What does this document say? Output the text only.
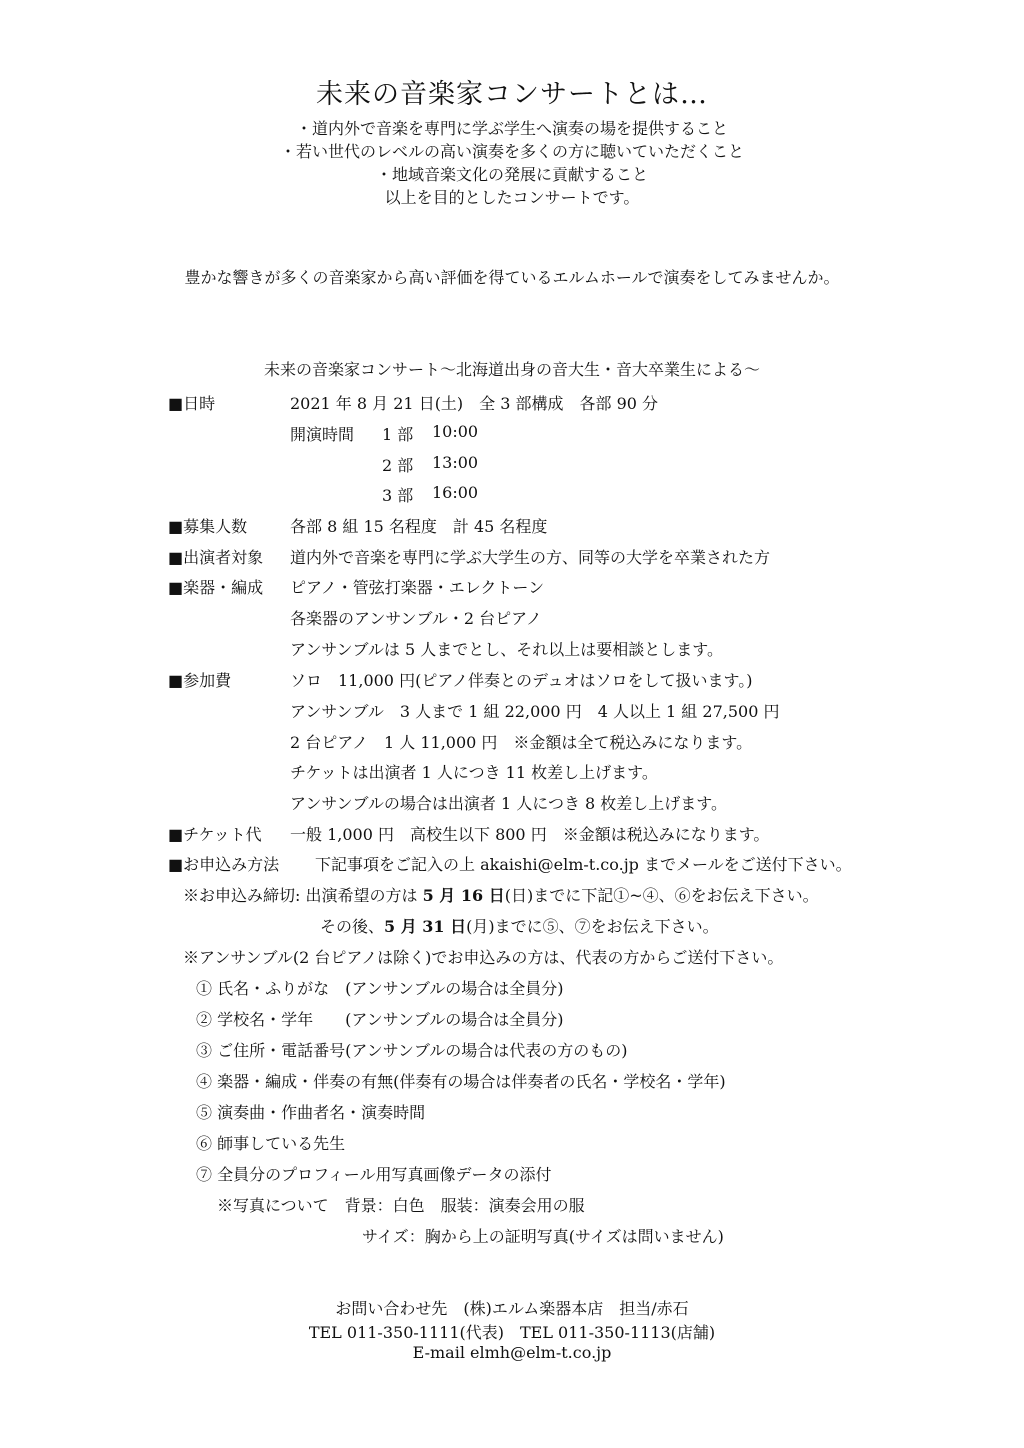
未来の音楽家コンサートとは…
・道内外で音楽を専門に学ぶ学生へ演奏の場を提供すること
・若い世代のレベルの高い演奏を多くの方に聴いていただくこと
・地域音楽文化の発展に貢献すること
以上を目的としたコンサートです。
豊かな響きが多くの音楽家から高い評価を得ているエルムホールで演奏をしてみませんか。
未来の音楽家コンサート～北海道出身の音大生・音大卒業生による～
■日時	2021 年 8 月 21 日(土)　全 3 部構成　各部 90 分
開演時間 1 部 10:00
2 部 13:00
3 部 16:00
■募集人数	各部 8 組 15 名程度　計 45 名程度
■出演者対象 道内外で音楽を専門に学ぶ大学生の方、同等の大学を卒業された方
■楽器・編成 ピアノ・管弦打楽器・エレクトーン
各楽器のアンサンブル・2 台ピアノ
アンサンブルは 5 人までとし、それ以上は要相談とします。
■参加費	ソロ　11,000 円(ピアノ伴奏とのデュオはソロをして扱います。)
アンサンブル　3 人まで 1 組 22,000 円　4 人以上 1 組 27,500 円
2 台ピアノ　1 人 11,000 円　※金額は全て税込みになります。
チケットは出演者 1 人につき 11 枚差し上げます。
アンサンブルの場合は出演者 1 人につき 8 枚差し上げます。
■チケット代 一般 1,000 円　高校生以下 800 円　※金額は税込みになります。
■お申込み方法 下記事項をご記入の上 akaishi@elm-t.co.jp までメールをご送付下さい。
※お申込み締切: 出演希望の方は 5 月 16 日(日)までに下記①~④、⑥をお伝え下さい。
その後、5 月 31 日(月)までに⑤、⑦をお伝え下さい。
※アンサンブル(2 台ピアノは除く)でお申込みの方は、代表の方からご送付下さい。
① 氏名・ふりがな　(アンサンブルの場合は全員分)
② 学校名・学年　　(アンサンブルの場合は全員分)
③ ご住所・電話番号(アンサンブルの場合は代表の方のもの)
④ 楽器・編成・伴奏の有無(伴奏有の場合は伴奏者の氏名・学校名・学年)
⑤ 演奏曲・作曲者名・演奏時間
⑥ 師事している先生
⑦ 全員分のプロフィール用写真画像データの添付
※写真について　背景：白色　服装：演奏会用の服
サイズ：胸から上の証明写真(サイズは問いません)
お問い合わせ先　(株)エルム楽器本店　担当/赤石
TEL 011-350-1111(代表)　TEL 011-350-1113(店舗)
E-mail elmh@elm-t.co.jp
